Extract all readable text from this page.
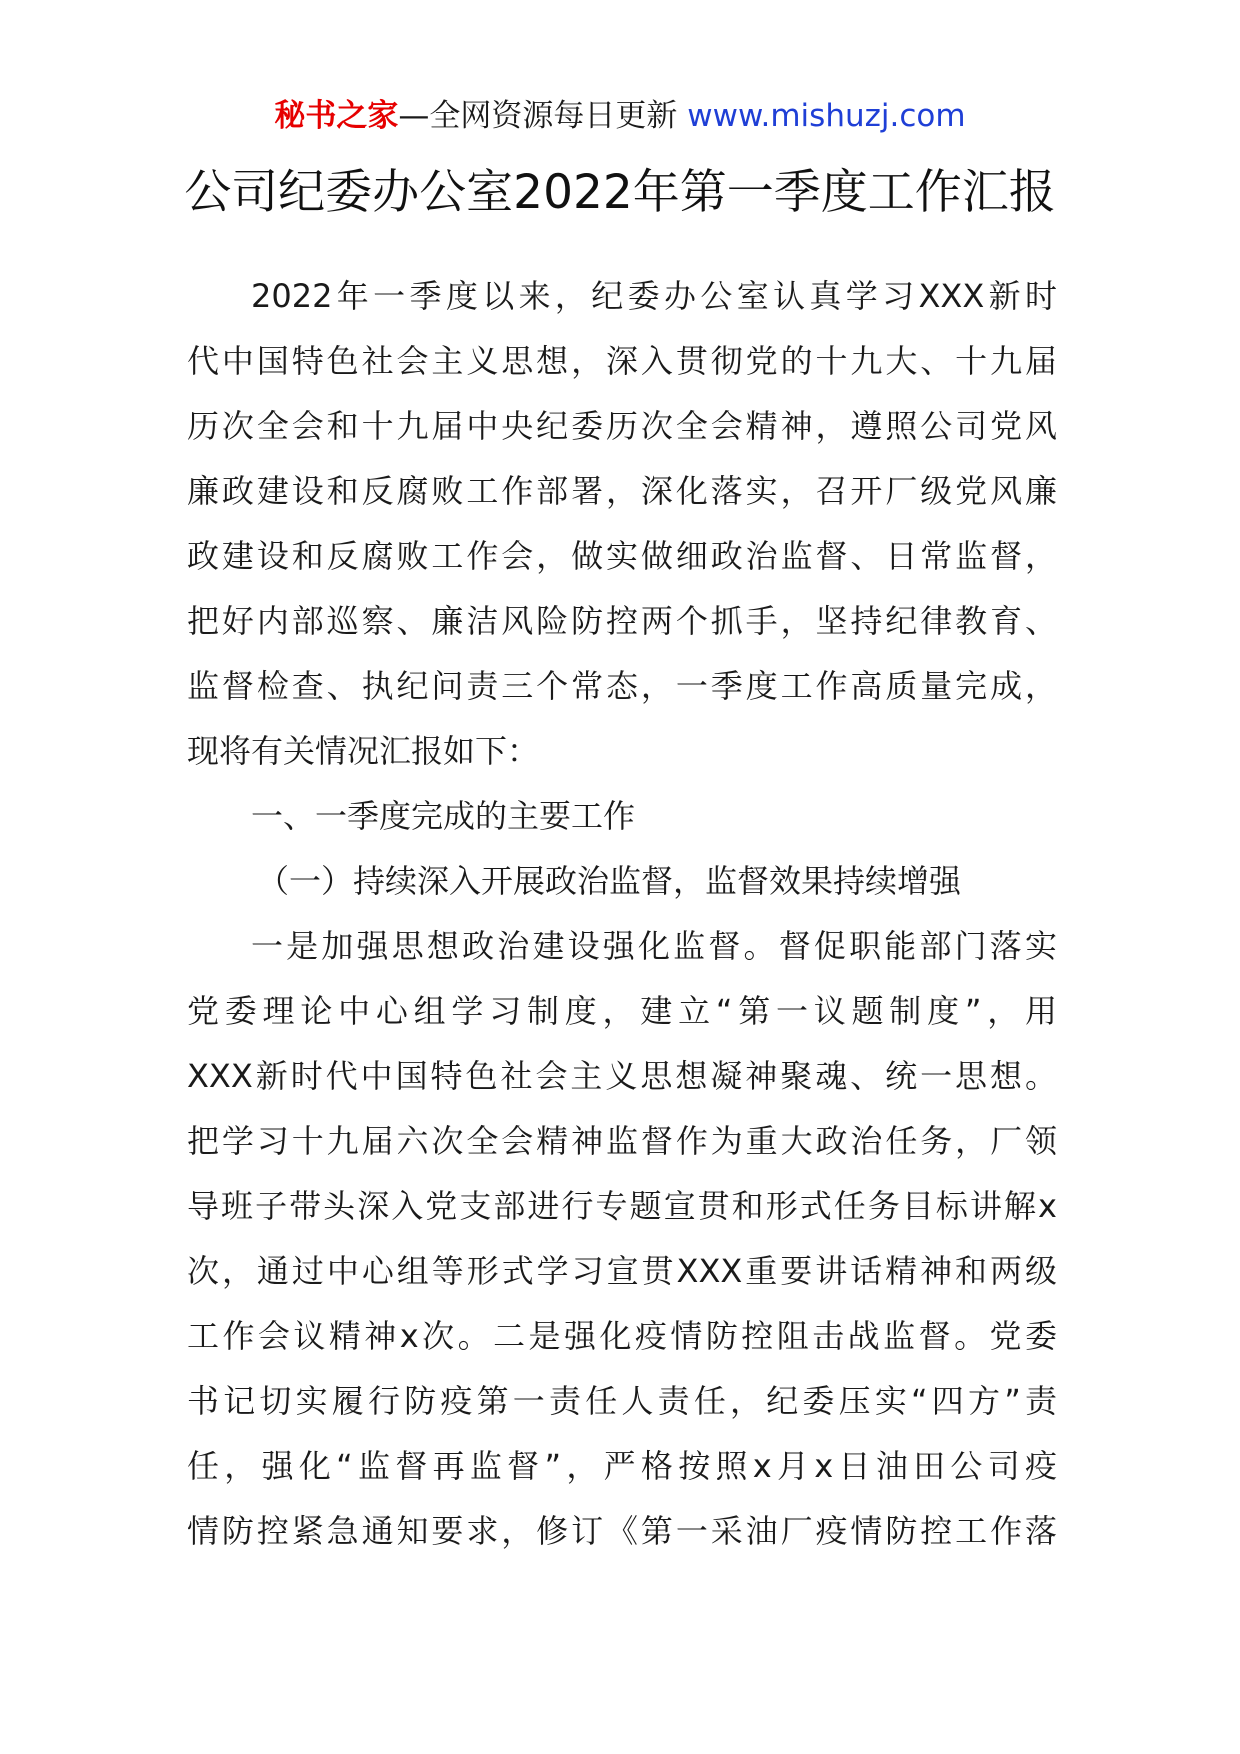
秘书之家—全网资源每日更新 www.mishuzj.com
公司纪委办公室2022年第一季度工作汇报
2022年一季度以来，纪委办公室认真学习XXX新时
代中国特色社会主义思想，深入贯彻党的十九大、十九届
历次全会和十九届中央纪委历次全会精神，遵照公司党风
廉政建设和反腐败工作部署，深化落实，召开厂级党风廉
政建设和反腐败工作会，做实做细政治监督、日常监督，
把好内部巡察、廉洁风险防控两个抓手，坚持纪律教育、
监督检查、执纪问责三个常态，一季度工作高质量完成，
现将有关情况汇报如下：
一、一季度完成的主要工作
（一）持续深入开展政治监督，监督效果持续增强
一是加强思想政治建设强化监督。督促职能部门落实
党委理论中心组学习制度，建立“第一议题制度”，用
XXX新时代中国特色社会主义思想凝神聚魂、统一思想。
把学习十九届六次全会精神监督作为重大政治任务，厂领
导班子带头深入党支部进行专题宣贯和形式任务目标讲解x
次，通过中心组等形式学习宣贯XXX重要讲话精神和两级
工作会议精神x次。二是强化疫情防控阻击战监督。党委
书记切实履行防疫第一责任人责任，纪委压实“四方”责
任，强化“监督再监督”，严格按照x月x日油田公司疫
情防控紧急通知要求，修订《第一采油厂疫情防控工作落
